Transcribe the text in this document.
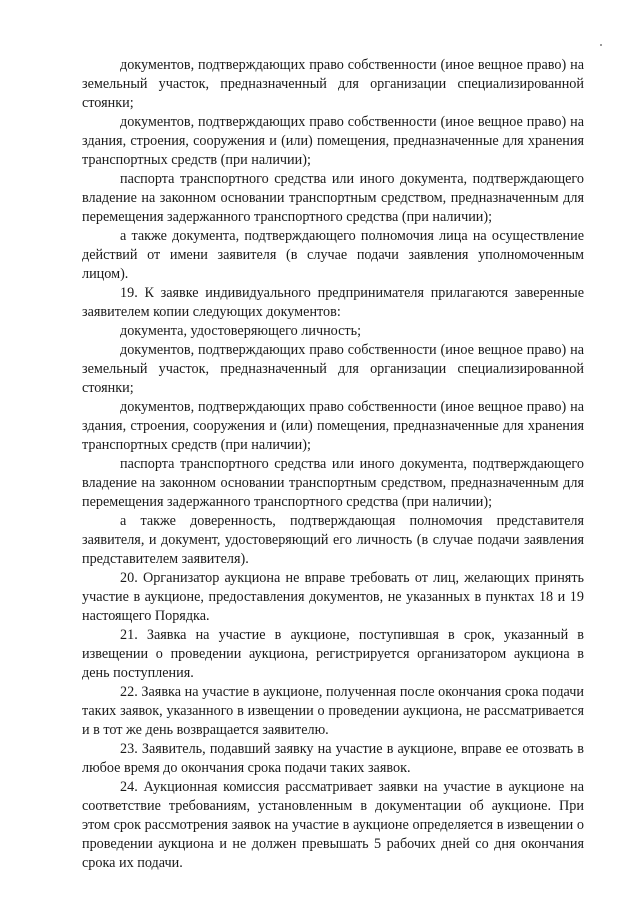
документов, подтверждающих право собственности (иное вещное право) на земельный участок, предназначенный для организации специализированной стоянки;

документов, подтверждающих право собственности (иное вещное право) на здания, строения, сооружения и (или) помещения, предназначенные для хранения транспортных средств (при наличии);

паспорта транспортного средства или иного документа, подтверждающего владение на законном основании транспортным средством, предназначенным для перемещения задержанного транспортного средства (при наличии);

а также документа, подтверждающего полномочия лица на осуществление действий от имени заявителя (в случае подачи заявления уполномоченным лицом).

19. К заявке индивидуального предпринимателя прилагаются заверенные заявителем копии следующих документов:

документа, удостоверяющего личность;

документов, подтверждающих право собственности (иное вещное право) на земельный участок, предназначенный для организации специализированной стоянки;

документов, подтверждающих право собственности (иное вещное право) на здания, строения, сооружения и (или) помещения, предназначенные для хранения транспортных средств (при наличии);

паспорта транспортного средства или иного документа, подтверждающего владение на законном основании транспортным средством, предназначенным для перемещения задержанного транспортного средства (при наличии);

а также доверенность, подтверждающая полномочия представителя заявителя, и документ, удостоверяющий его личность (в случае подачи заявления представителем заявителя).

20. Организатор аукциона не вправе требовать от лиц, желающих принять участие в аукционе, предоставления документов, не указанных в пунктах 18 и 19 настоящего Порядка.

21. Заявка на участие в аукционе, поступившая в срок, указанный в извещении о проведении аукциона, регистрируется организатором аукциона в день поступления.

22. Заявка на участие в аукционе, полученная после окончания срока подачи таких заявок, указанного в извещении о проведении аукциона, не рассматривается и в тот же день возвращается заявителю.

23. Заявитель, подавший заявку на участие в аукционе, вправе ее отозвать в любое время до окончания срока подачи таких заявок.

24. Аукционная комиссия рассматривает заявки на участие в аукционе на соответствие требованиям, установленным в документации об аукционе. При этом срок рассмотрения заявок на участие в аукционе определяется в извещении о проведении аукциона и не должен превышать 5 рабочих дней со дня окончания срока их подачи.
